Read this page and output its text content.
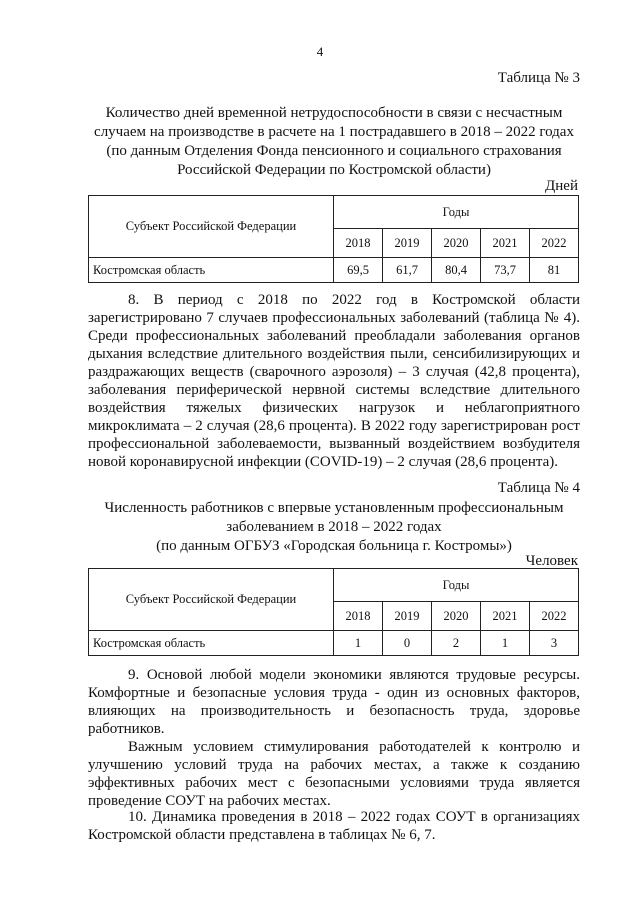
4
Таблица № 3
Количество дней временной нетрудоспособности в связи с несчастным
случаем на производстве в расчете на 1 пострадавшего в 2018 – 2022 годах
(по данным Отделения Фонда пенсионного и социального страхования
Российской Федерации по Костромской области)
Дней
Субъект Российской Федерации	Годы				
	2018	2019	2020	2021	2022
Костромская область	69,5	61,7	80,4	73,7	81

8. В период с 2018 по 2022 год в Костромской области зарегистрировано 7 случаев профессиональных заболеваний (таблица № 4). Среди профессиональных заболеваний преобладали заболевания органов дыхания вследствие длительного воздействия пыли, сенсибилизирующих и раздражающих веществ (сварочного аэрозоля) – 3 случая (42,8 процента), заболевания периферической нервной системы вследствие длительного воздействия тяжелых физических нагрузок и неблагоприятного микроклимата – 2 случая (28,6 процента). В 2022 году зарегистрирован рост профессиональной заболеваемости, вызванный воздействием возбудителя новой коронавирусной инфекции (COVID-19) – 2 случая (28,6 процента).

Таблица № 4
Численность работников с впервые установленным профессиональным
заболеванием в 2018 – 2022 годах
(по данным ОГБУЗ «Городская больница г. Костромы»)
Человек
Субъект Российской Федерации	Годы				
	2018	2019	2020	2021	2022
Костромская область	1	0	2	1	3

9. Основой любой модели экономики являются трудовые ресурсы. Комфортные и безопасные условия труда - один из основных факторов, влияющих на производительность и безопасность труда, здоровье работников.

Важным условием стимулирования работодателей к контролю и улучшению условий труда на рабочих местах, а также к созданию эффективных рабочих мест с безопасными условиями труда является проведение СОУТ на рабочих местах.

10. Динамика проведения в 2018 – 2022 годах СОУТ в организациях Костромской области представлена в таблицах № 6, 7.
